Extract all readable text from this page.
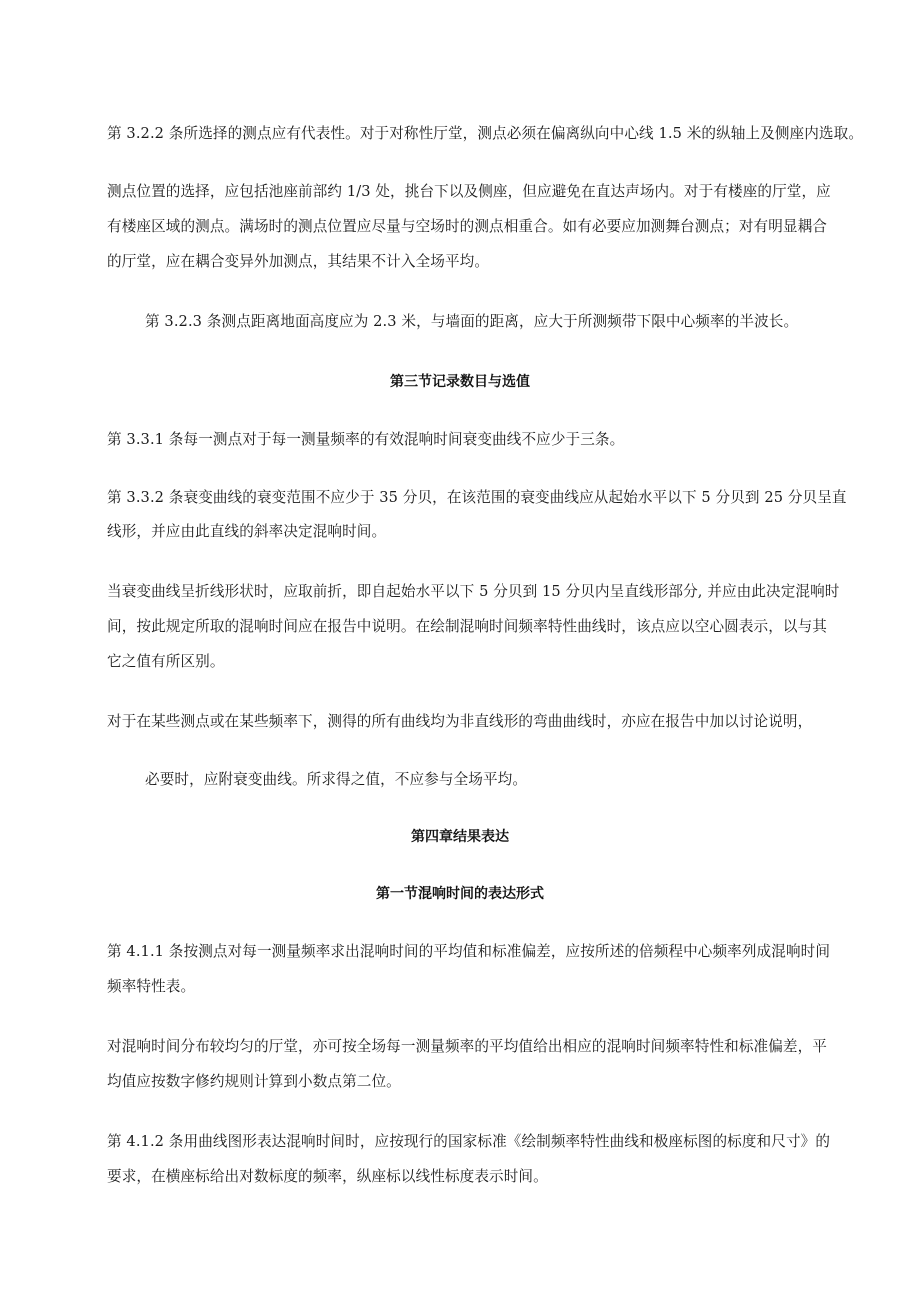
第 3.2.2 条所选择的测点应有代表性。对于对称性厅堂，测点必须在偏离纵向中心线 1.5 米的纵轴上及侧座内选取。
测点位置的选择，应包括池座前部约 1/3 处，挑台下以及侧座，但应避免在直达声场内。对于有楼座的厅堂，应
有楼座区域的测点。满场时的测点位置应尽量与空场时的测点相重合。如有必要应加测舞台测点；对有明显耦合
的厅堂，应在耦合变异外加测点，其结果不计入全场平均。
第 3.2.3 条测点距离地面高度应为 2.3 米，与墙面的距离，应大于所测频带下限中心频率的半波长。
第三节记录数目与选值
第 3.3.1 条每一测点对于每一测量频率的有效混响时间衰变曲线不应少于三条。
第 3.3.2 条衰变曲线的衰变范围不应少于 35 分贝，在该范围的衰变曲线应从起始水平以下 5 分贝到 25 分贝呈直
线形，并应由此直线的斜率决定混响时间。
当衰变曲线呈折线形状时，应取前折，即自起始水平以下 5 分贝到 15 分贝内呈直线形部分, 并应由此决定混响时
间，按此规定所取的混响时间应在报告中说明。在绘制混响时间频率特性曲线时，该点应以空心圆表示，以与其
它之值有所区别。
对于在某些测点或在某些频率下，测得的所有曲线均为非直线形的弯曲曲线时，亦应在报告中加以讨论说明，
必要时，应附衰变曲线。所求得之值，不应参与全场平均。
第四章结果表达
第一节混响时间的表达形式
第 4.1.1 条按测点对每一测量频率求出混响时间的平均值和标准偏差，应按所述的倍频程中心频率列成混响时间
频率特性表。
对混响时间分布较均匀的厅堂，亦可按全场每一测量频率的平均值给出相应的混响时间频率特性和标准偏差，平
均值应按数字修约规则计算到小数点第二位。
第 4.1.2 条用曲线图形表达混响时间时，应按现行的国家标准《绘制频率特性曲线和极座标图的标度和尺寸》的
要求，在横座标给出对数标度的频率，纵座标以线性标度表示时间。
